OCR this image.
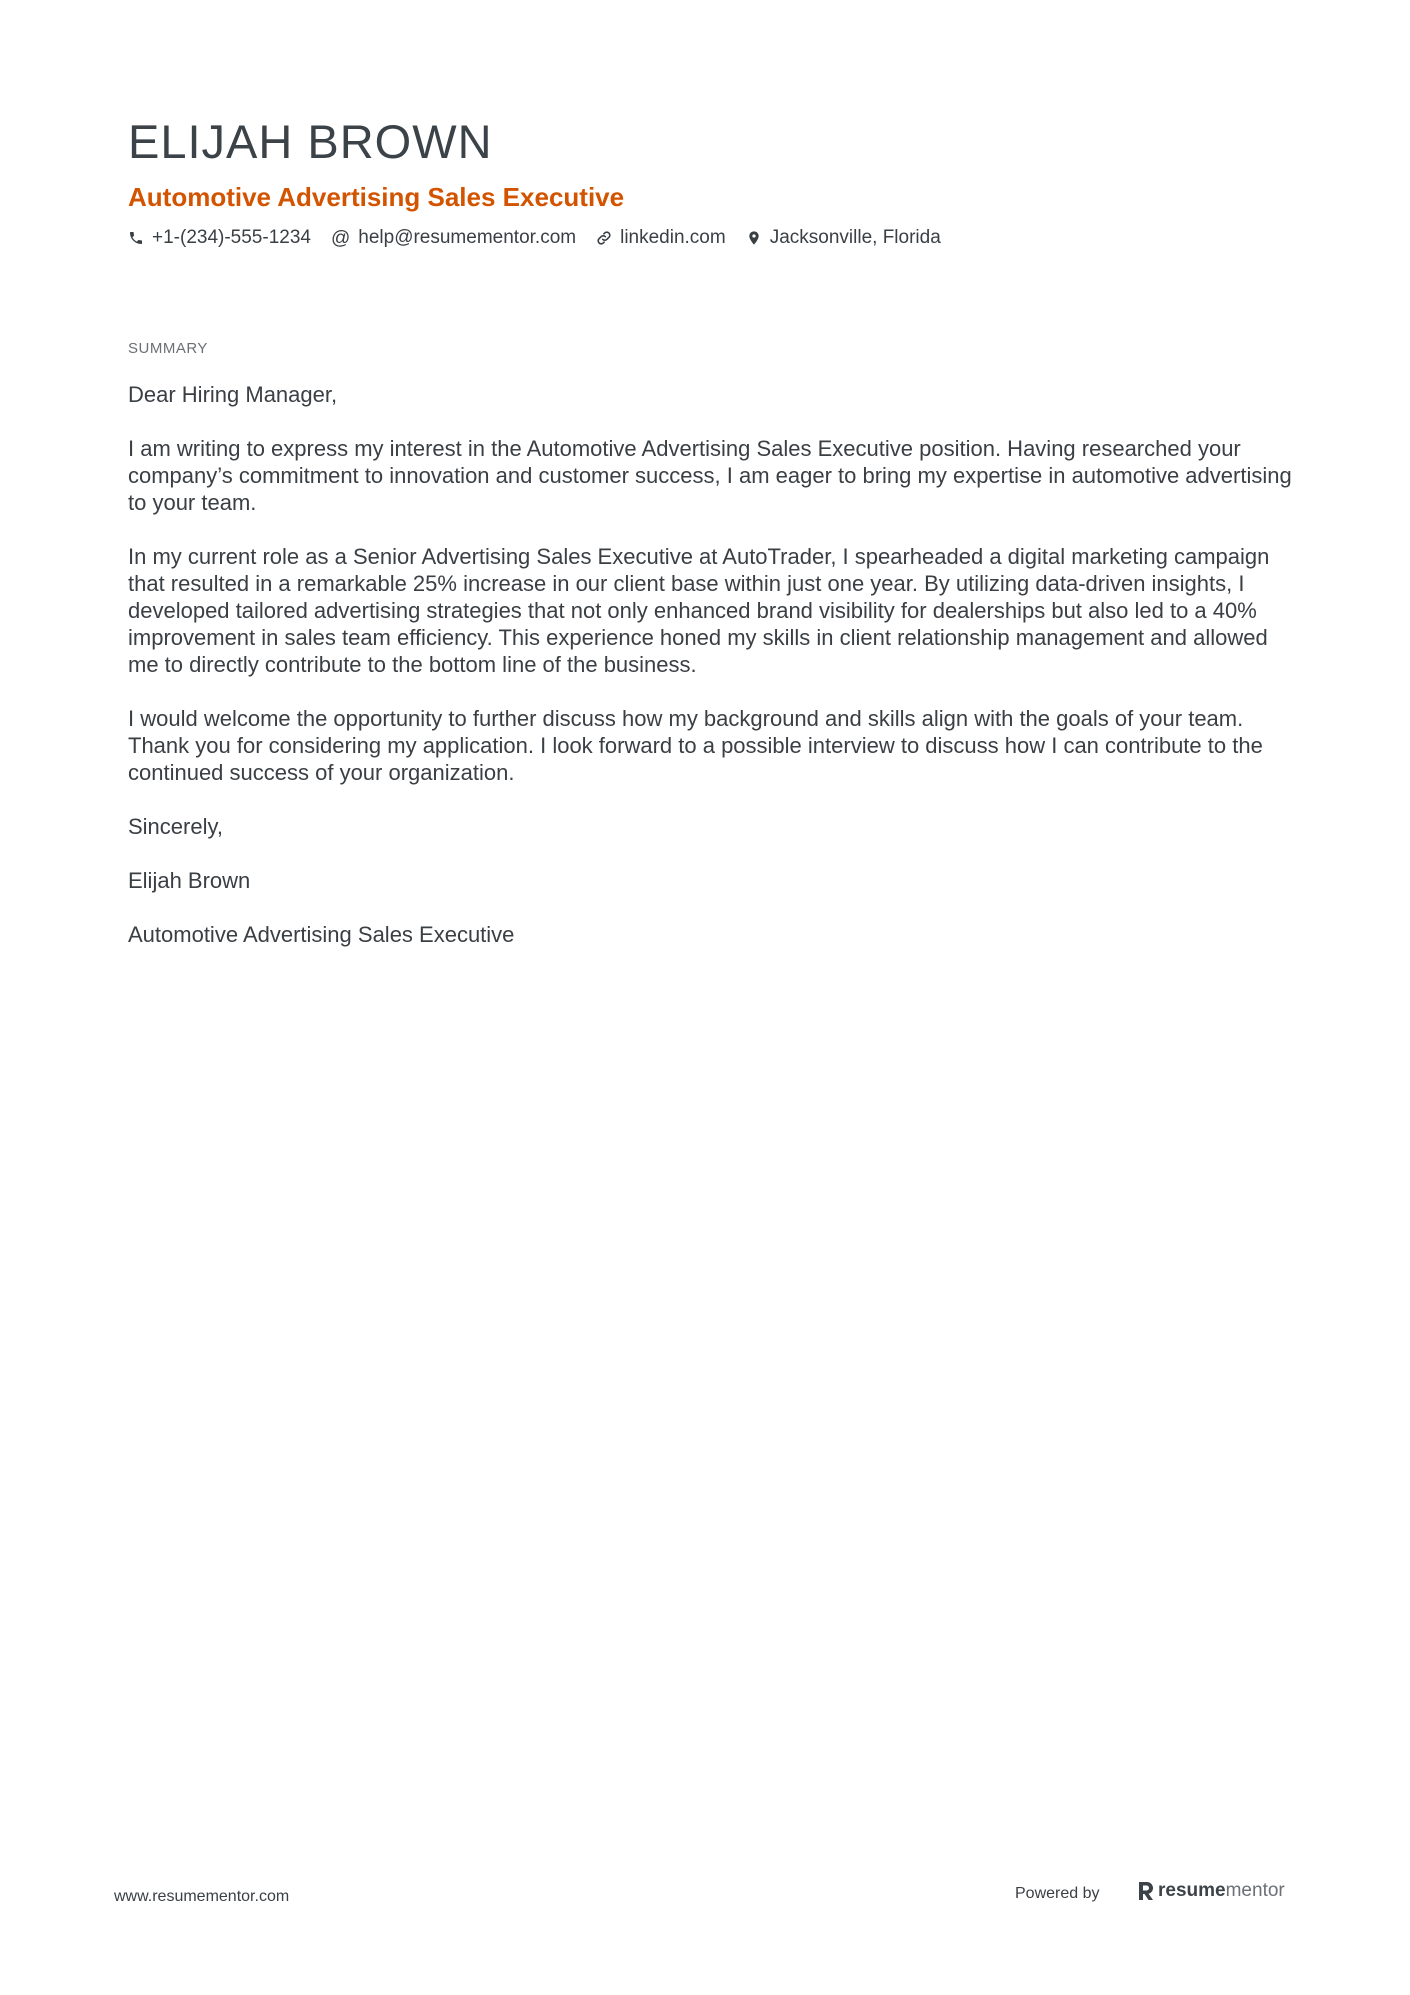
ELIJAH BROWN
Automotive Advertising Sales Executive
+1-(234)-555-1234 @ help@resumementor.com linkedin.com Jacksonville, Florida

SUMMARY

Dear Hiring Manager,

I am writing to express my interest in the Automotive Advertising Sales Executive position. Having researched your company’s commitment to innovation and customer success, I am eager to bring my expertise in automotive advertising to your team.

In my current role as a Senior Advertising Sales Executive at AutoTrader, I spearheaded a digital marketing campaign that resulted in a remarkable 25% increase in our client base within just one year. By utilizing data-driven insights, I developed tailored advertising strategies that not only enhanced brand visibility for dealerships but also led to a 40% improvement in sales team efficiency. This experience honed my skills in client relationship management and allowed me to directly contribute to the bottom line of the business.

I would welcome the opportunity to further discuss how my background and skills align with the goals of your team. Thank you for considering my application. I look forward to a possible interview to discuss how I can contribute to the continued success of your organization.

Sincerely,

Elijah Brown

Automotive Advertising Sales Executive

www.resumementor.com	Powered by	resume mentor
